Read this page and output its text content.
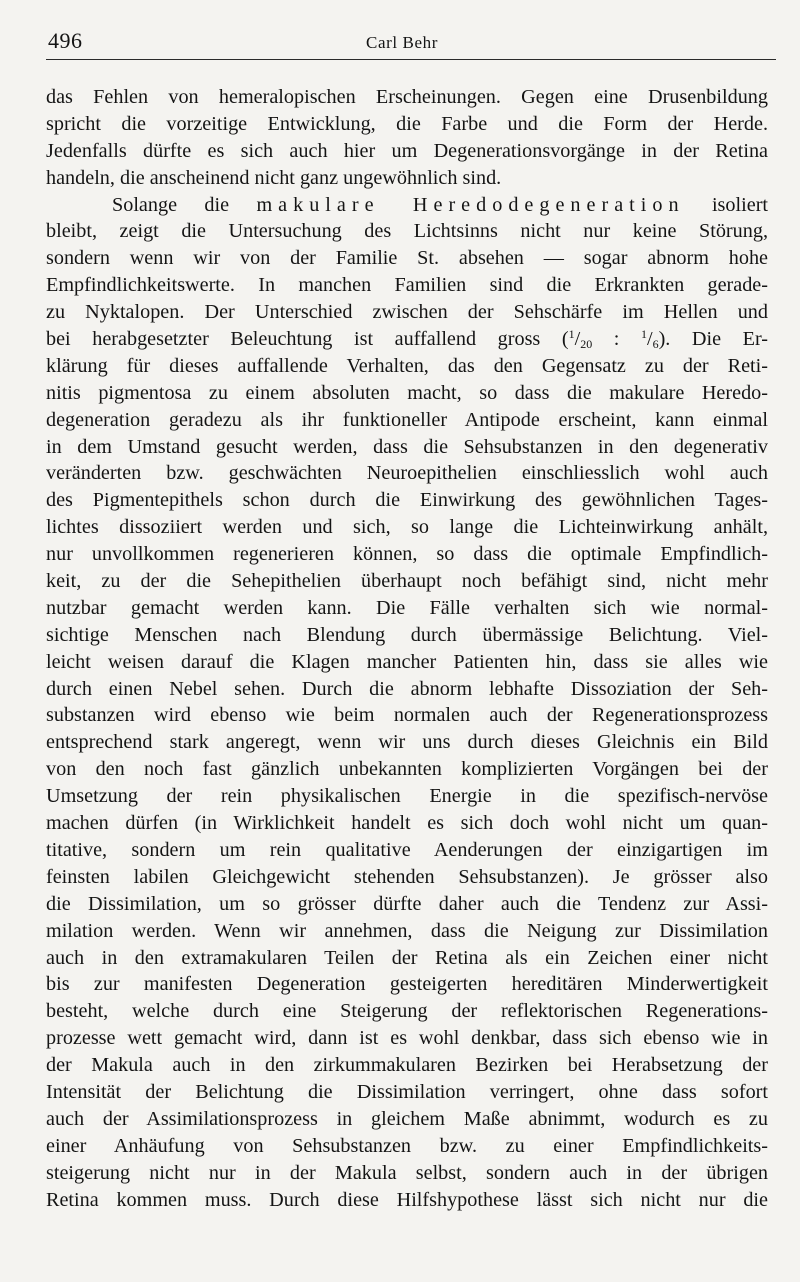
496	Carl Behr
das Fehlen von hemeralopischen Erscheinungen. Gegen eine Drusenbildung
spricht die vorzeitige Entwicklung, die Farbe und die Form der Herde.
Jedenfalls dürfte es sich auch hier um Degenerationsvorgänge in der Retina
handeln, die anscheinend nicht ganz ungewöhnlich sind.
Solange die makulare Heredodegeneration isoliert
bleibt, zeigt die Untersuchung des Lichtsinns nicht nur keine Störung,
sondern wenn wir von der Familie St. absehen — sogar abnorm hohe
Empfindlichkeitswerte. In manchen Familien sind die Erkrankten gerade-
zu Nyktalopen. Der Unterschied zwischen der Sehschärfe im Hellen und
bei herabgesetzter Beleuchtung ist auffallend gross ($^1/_{20}$ : $^1/_6$). Die Er-
klärung für dieses auffallende Verhalten, das den Gegensatz zu der Reti-
nitis pigmentosa zu einem absoluten macht, so dass die makulare Heredo-
degeneration geradezu als ihr funktioneller Antipode erscheint, kann einmal
in dem Umstand gesucht werden, dass die Sehsubstanzen in den degenerativ
veränderten bzw. geschwächten Neuroepithelien einschliesslich wohl auch
des Pigmentepithels schon durch die Einwirkung des gewöhnlichen Tages-
lichtes dissoziiert werden und sich, so lange die Lichteinwirkung anhält,
nur unvollkommen regenerieren können, so dass die optimale Empfindlich-
keit, zu der die Sehepithelien überhaupt noch befähigt sind, nicht mehr
nutzbar gemacht werden kann. Die Fälle verhalten sich wie normal-
sichtige Menschen nach Blendung durch übermässige Belichtung. Viel-
leicht weisen darauf die Klagen mancher Patienten hin, dass sie alles wie
durch einen Nebel sehen. Durch die abnorm lebhafte Dissoziation der Seh-
substanzen wird ebenso wie beim normalen auch der Regenerationsprozess
entsprechend stark angeregt, wenn wir uns durch dieses Gleichnis ein Bild
von den noch fast gänzlich unbekannten komplizierten Vorgängen bei der
Umsetzung der rein physikalischen Energie in die spezifisch-nervöse
machen dürfen (in Wirklichkeit handelt es sich doch wohl nicht um quan-
titative, sondern um rein qualitative Aenderungen der einzigartigen im
feinsten labilen Gleichgewicht stehenden Sehsubstanzen). Je grösser also
die Dissimilation, um so grösser dürfte daher auch die Tendenz zur Assi-
milation werden. Wenn wir annehmen, dass die Neigung zur Dissimilation
auch in den extramakularen Teilen der Retina als ein Zeichen einer nicht
bis zur manifesten Degeneration gesteigerten hereditären Minderwertigkeit
besteht, welche durch eine Steigerung der reflektorischen Regenerations-
prozesse wett gemacht wird, dann ist es wohl denkbar, dass sich ebenso wie in
der Makula auch in den zirkummakularen Bezirken bei Herabsetzung der
Intensität der Belichtung die Dissimilation verringert, ohne dass sofort
auch der Assimilationsprozess in gleichem Maße abnimmt, wodurch es zu
einer Anhäufung von Sehsubstanzen bzw. zu einer Empfindlichkeits-
steigerung nicht nur in der Makula selbst, sondern auch in der übrigen
Retina kommen muss. Durch diese Hilfshypothese lässt sich nicht nur die
